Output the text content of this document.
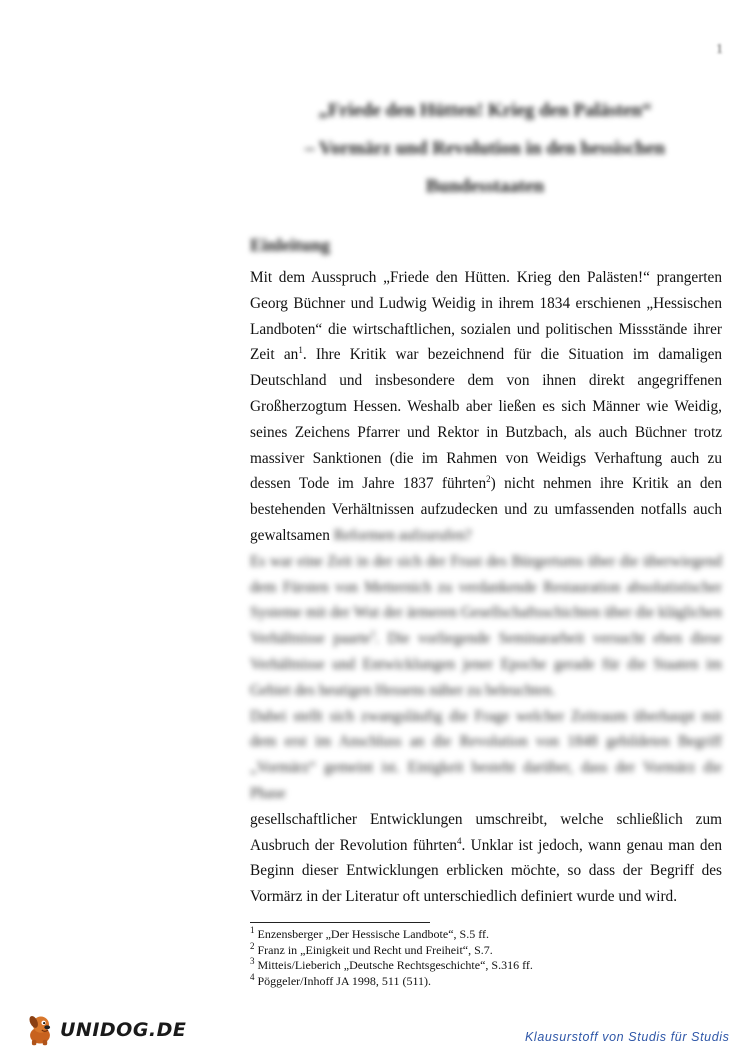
1
„Friede den Hütten! Krieg den Palästen“
– Vormärz und Revolution in den hessischen
Bundesstaaten
Einleitung

Mit dem Ausspruch „Friede den Hütten. Krieg den Palästen!“ prangerten Georg Büchner und Ludwig Weidig in ihrem 1834 erschienen „Hessischen Landboten“ die wirtschaftlichen, sozialen und politischen Missstände ihrer Zeit $an^1$. Ihre Kritik war bezeichnend für die Situation im damaligen Deutschland und insbesondere dem von ihnen direkt angegriffenen Großherzogtum Hessen. Weshalb aber ließen es sich Männer wie Weidig, seines Zeichens Pfarrer und Rektor in Butzbach, als auch Büchner trotz massiver Sanktionen (die im Rahmen von Weidigs Verhaftung auch zu dessen Tode im Jahre 1837 führten$^2$) nicht nehmen ihre Kritik an den bestehenden Verhältnissen aufzudecken und zu umfassenden notfalls auch gewaltsamen Reformen aufzurufen?

Es war eine Zeit in der sich der Frust des Bürgertums über die überwiegend dem Fürsten von Metternich zu verdankende Restauration absolutistischer Systeme mit der Wut der ärmeren Gesellschaftsschichten über die kläglichen Verhältnisse paarte$^3$. Die vorliegende Seminararbeit versucht eben diese Verhältnisse und Entwicklungen jener Epoche gerade für die Staaten im Gebiet des heutigen Hessens näher zu beleuchten.

Dabei stellt sich zwangsläufig die Frage welcher Zeitraum überhaupt mit dem erst im Anschluss an die Revolution von 1848 gebildeten Begriff „Vormärz“ gemeint ist. Einigkeit besteht darüber, dass der Vormärz die Phase

gesellschaftlicher Entwicklungen umschreibt, welche schließlich zum

Ausbruch der Revolution führten$^4$. Unklar ist jedoch, wann genau man den Beginn dieser Entwicklungen erblicken möchte, so dass der Begriff des Vormärz in der Literatur oft unterschiedlich definiert wurde und wird.

$^1$ Enzensberger „Der Hessische Landbote“, S.5 ff.
$^2$ Franz in „Einigkeit und Recht und Freiheit“, S.7.
$^3$ Mitteis/Lieberich „Deutsche Rechtsgeschichte“, S.316 ff.
$^4$ Pöggeler/Inhoff JA 1998, 511 (511).
UNIDOG.DE	Klausurstoff von Studis für Studis
